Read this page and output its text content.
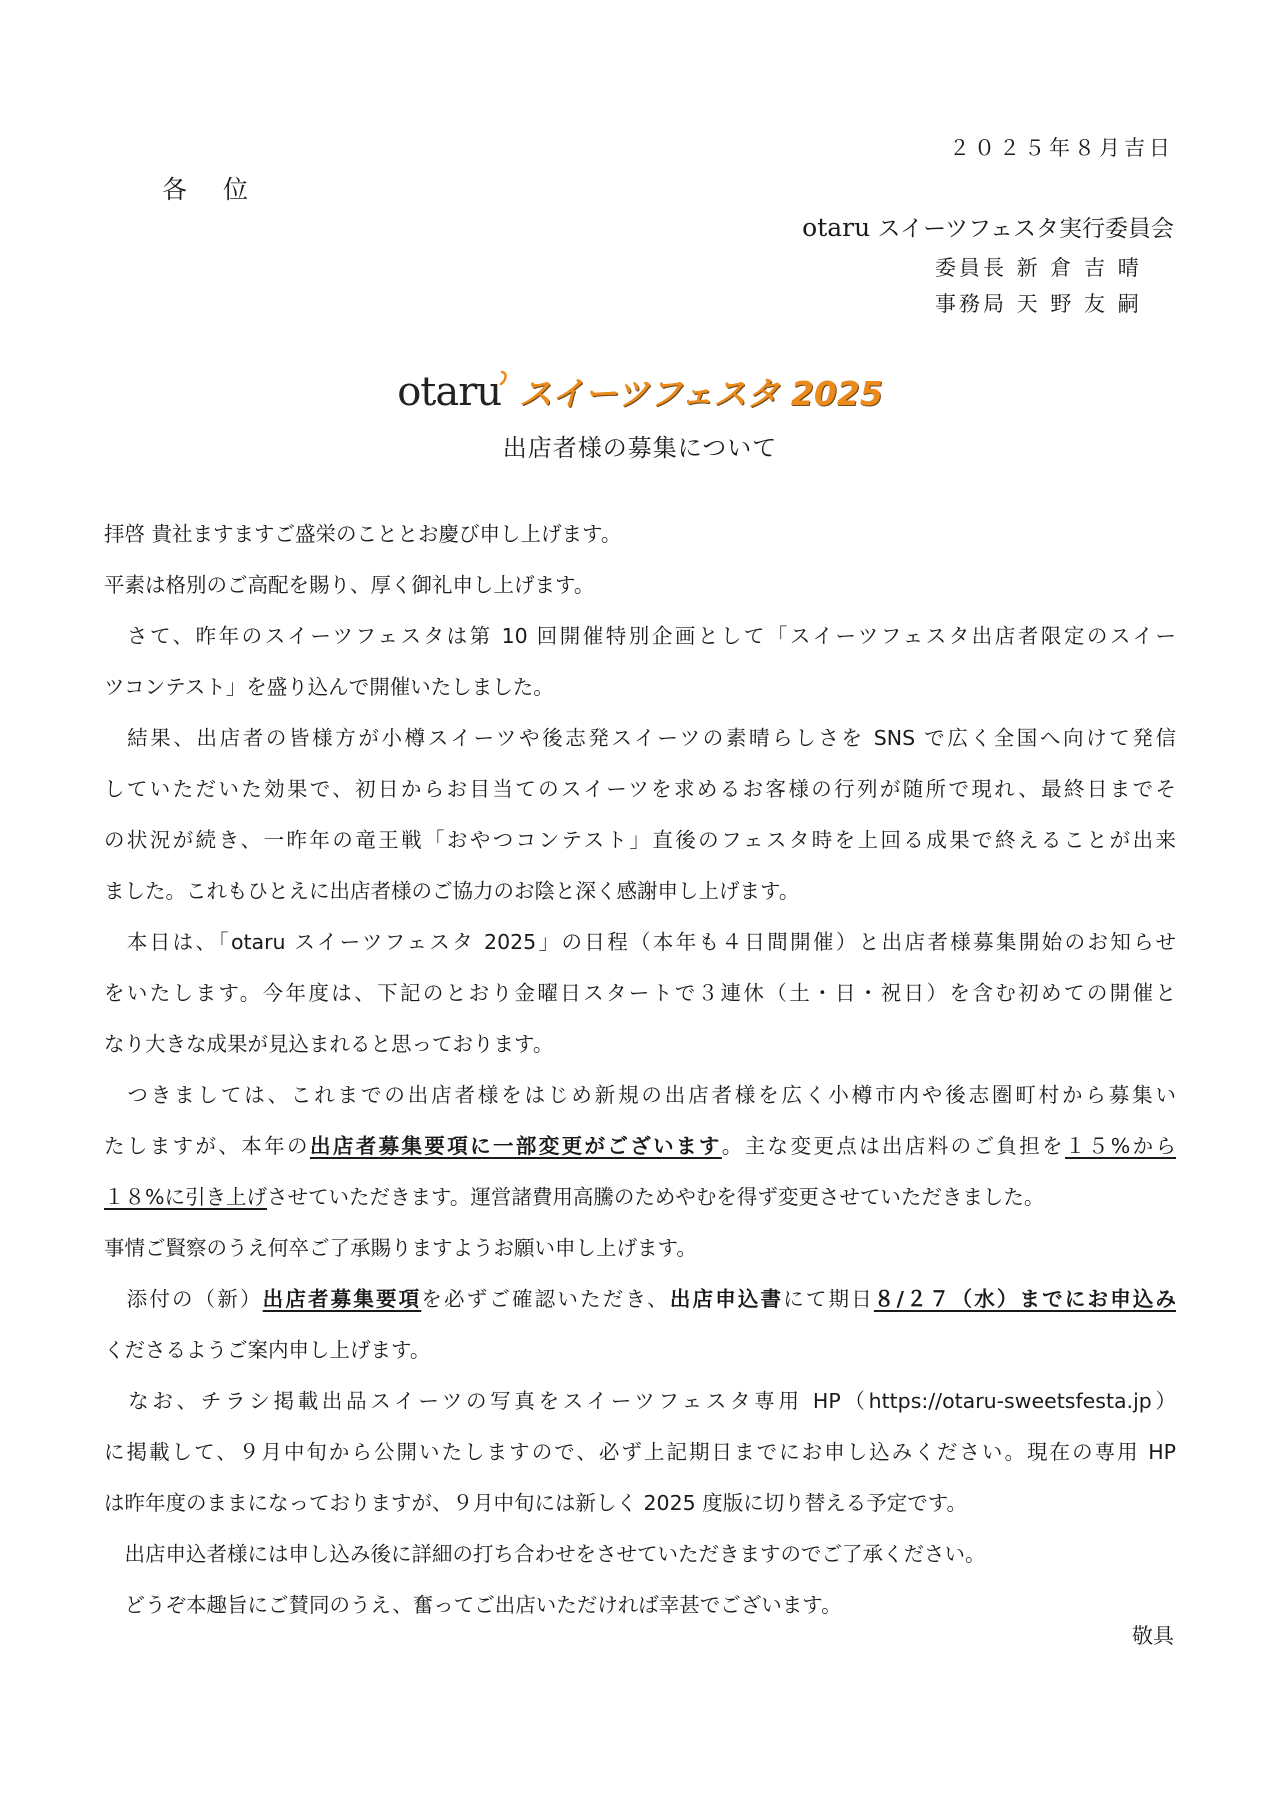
２０２５年８月吉日
各 位
otaru スイーツフェスタ実行委員会
委員長 新 倉 吉 晴
事務局 天 野 友 嗣
otaru スイーツフェスタ 2025
出店者様の募集について
拝啓 貴社ますますご盛栄のこととお慶び申し上げます。
平素は格別のご高配を賜り、厚く御礼申し上げます。
　さて、昨年のスイーツフェスタは第 10 回開催特別企画として「スイーツフェスタ出店者限定のスイー
ツコンテスト」を盛り込んで開催いたしました。
　結果、出店者の皆様方が小樽スイーツや後志発スイーツの素晴らしさを SNS で広く全国へ向けて発信
していただいた効果で、初日からお目当てのスイーツを求めるお客様の行列が随所で現れ、最終日までそ
の状況が続き、一昨年の竜王戦「おやつコンテスト」直後のフェスタ時を上回る成果で終えることが出来
ました。これもひとえに出店者様のご協力のお陰と深く感謝申し上げます。
　本日は、「otaru スイーツフェスタ 2025」の日程（本年も４日間開催）と出店者様募集開始のお知らせ
をいたします。今年度は、下記のとおり金曜日スタートで３連休（土・日・祝日）を含む初めての開催と
なり大きな成果が見込まれると思っております。
　つきましては、これまでの出店者様をはじめ新規の出店者様を広く小樽市内や後志圏町村から募集い
たしますが、本年の出店者募集要項に一部変更がございます。主な変更点は出店料のご負担を１５%から
１８%に引き上げさせていただきます。運営諸費用高騰のためやむを得ず変更させていただきました。
事情ご賢察のうえ何卒ご了承賜りますようお願い申し上げます。
　添付の（新）出店者募集要項を必ずご確認いただき、出店申込書にて期日８/２７（水）までにお申込み
くださるようご案内申し上げます。
　なお、チラシ掲載出品スイーツの写真をスイーツフェスタ専用 HP（https://otaru-sweetsfesta.jp）
に掲載して、９月中旬から公開いたしますので、必ず上記期日までにお申し込みください。現在の専用 HP
は昨年度のままになっておりますが、９月中旬には新しく 2025 度版に切り替える予定です。
　出店申込者様には申し込み後に詳細の打ち合わせをさせていただきますのでご了承ください。
　どうぞ本趣旨にご賛同のうえ、奮ってご出店いただければ幸甚でございます。
敬具
